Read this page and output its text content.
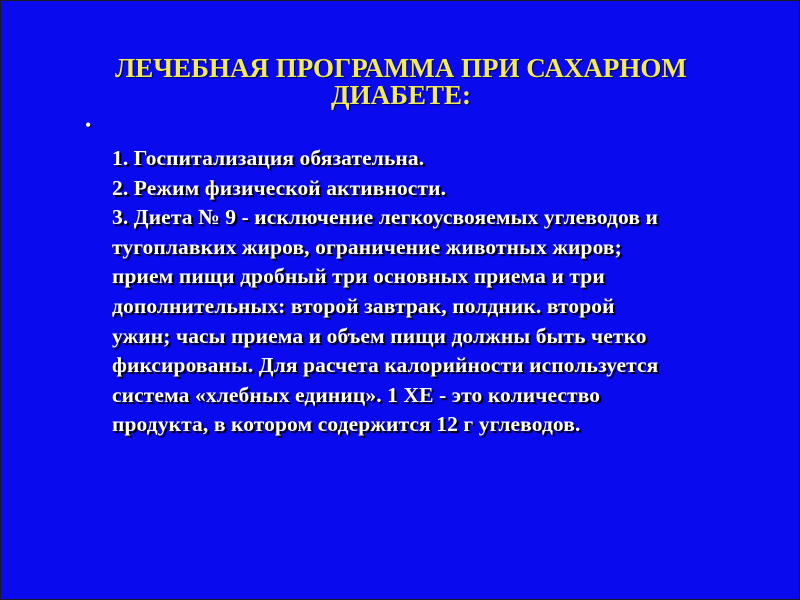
ЛЕЧЕБНАЯ ПРОГРАММА ПРИ САХАРНОМ
ДИАБЕТЕ:
•
1. Госпитализация обязательна.
2. Режим физической активности.
3. Диета № 9 - исключение легкоусвояемых углеводов и
тугоплавких жиров, ограничение животных жиров;
прием пищи дробный три основных приема и три
дополнительных: второй завтрак, полдник. второй
ужин; часы приема и объем пищи должны быть четко
фиксированы. Для расчета калорийности используется
система «хлебных единиц». 1 ХЕ - это количество
продукта, в котором содержится 12 г углеводов.
